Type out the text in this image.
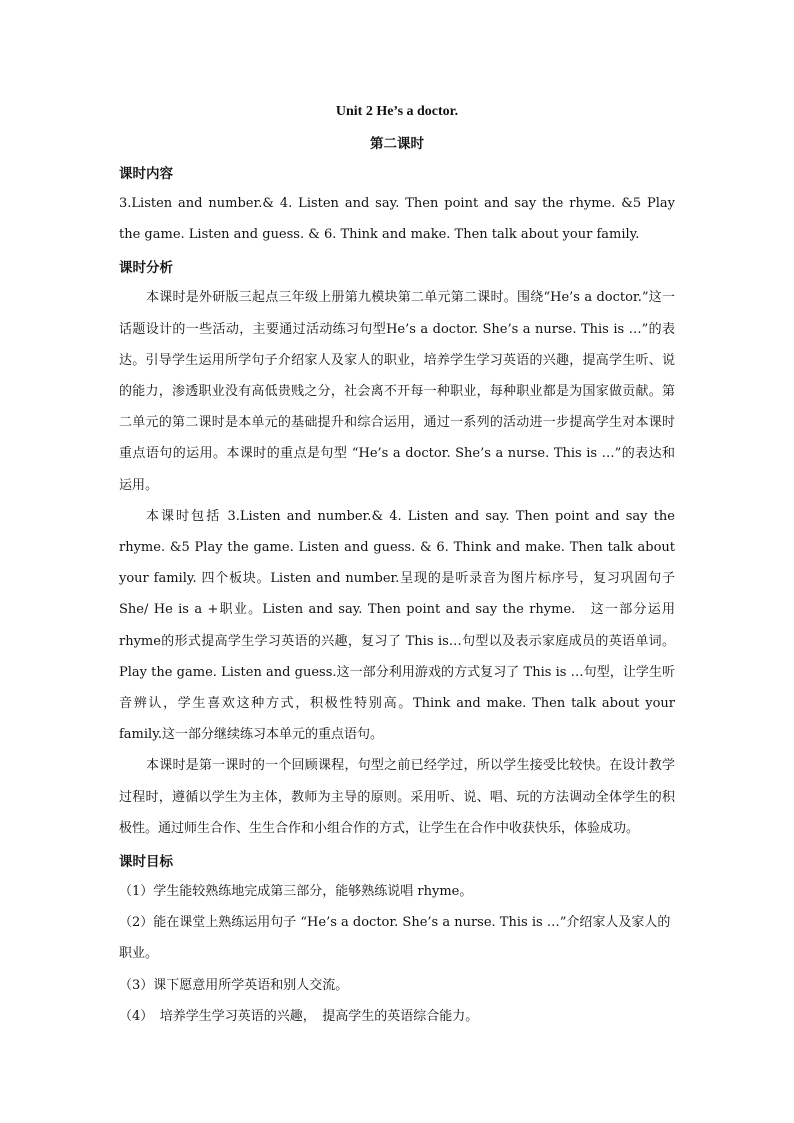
Unit 2 He’s a doctor.
第二课时
课时内容

3.Listen and number.& 4. Listen and say. Then point and say the rhyme. &5 Play the game. Listen and guess. & 6. Think and make. Then talk about your family.

课时分析

本课时是外研版三起点三年级上册第九模块第二单元第二课时。围绕“He’s a doctor.”这一话题设计的一些活动，主要通过活动练习句型He’s a doctor. She’s a nurse. This is …”的表达。引导学生运用所学句子介绍家人及家人的职业，培养学生学习英语的兴趣，提高学生听、说的能力，渗透职业没有高低贵贱之分，社会离不开每一种职业，每种职业都是为国家做贡献。第二单元的第二课时是本单元的基础提升和综合运用，通过一系列的活动进一步提高学生对本课时重点语句的运用。本课时的重点是句型 “He’s a doctor. She’s a nurse. This is …”的表达和运用。

本课时包括 3.Listen and number.& 4. Listen and say. Then point and say the rhyme. &5 Play the game. Listen and guess. & 6. Think and make. Then talk about your family. 四个板块。Listen and number.呈现的是听录音为图片标序号，复习巩固句子 She/ He is a +职业。Listen and say. Then point and say the rhyme.　这一部分运用rhyme的形式提高学生学习英语的兴趣，复习了 This is…句型以及表示家庭成员的英语单词。Play the game. Listen and guess.这一部分利用游戏的方式复习了 This is …句型，让学生听音辨认，学生喜欢这种方式，积极性特别高。Think and make. Then talk about your family.这一部分继续练习本单元的重点语句。

本课时是第一课时的一个回顾课程，句型之前已经学过，所以学生接受比较快。在设计教学过程时，遵循以学生为主体，教师为主导的原则。采用听、说、唱、玩的方法调动全体学生的积极性。通过师生合作、生生合作和小组合作的方式，让学生在合作中收获快乐，体验成功。

课时目标

（1）学生能较熟练地完成第三部分，能够熟练说唱 rhyme。

（2）能在课堂上熟练运用句子 “He’s a doctor. She’s a nurse. This is …”介绍家人及家人的职业。

（3）课下愿意用所学英语和别人交流。

（4）　培养学生学习英语的兴趣，　提高学生的英语综合能力。
